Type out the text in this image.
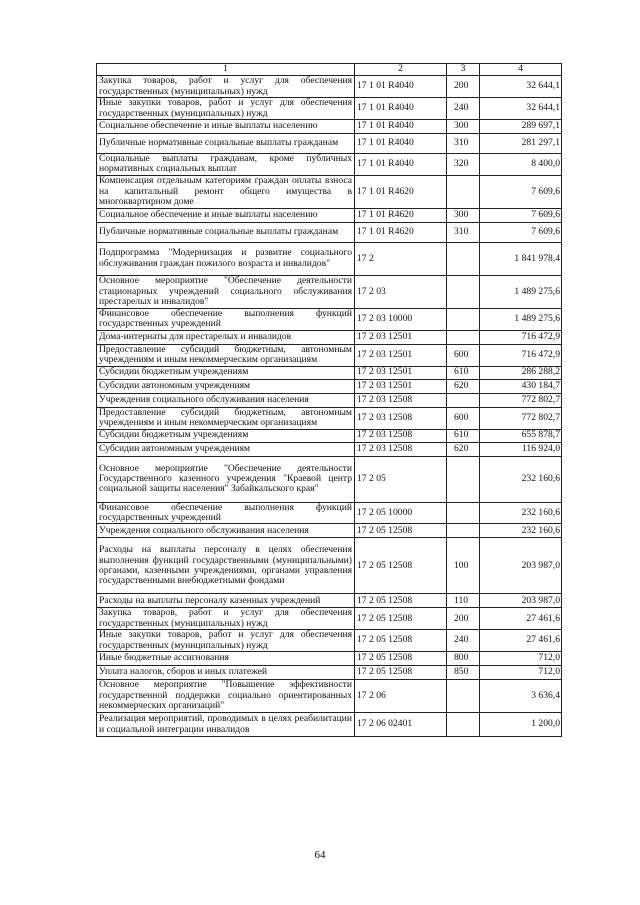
1	2	3	4
Закупка товаров, работ и услуг для обеспечения государственных (муниципальных) нужд	17 1 01 R4040	200	32 644,1
Иные закупки товаров, работ и услуг для обеспечения государственных (муниципальных) нужд	17 1 01 R4040	240	32 644,1
Социальное обеспечение и иные выплаты населению	17 1 01 R4040	300	289 697,1
Публичные нормативные социальные выплаты гражданам	17 1 01 R4040	310	281 297,1
Социальные выплаты гражданам, кроме публичных нормативных социальных выплат	17 1 01 R4040	320	8 400,0
Компенсация отдельным категориям граждан оплаты взноса на капитальный ремонт общего имущества в многоквартирном доме	17 1 01 R4620		7 609,6
Социальное обеспечение и иные выплаты населению	17 1 01 R4620	300	7 609,6
Публичные нормативные социальные выплаты гражданам	17 1 01 R4620	310	7 609,6
Подпрограмма "Модернизация и развитие социального обслуживания граждан пожилого возраста и инвалидов"	17 2		1 841 978,4
Основное мероприятие "Обеспечение деятельности стационарных учреждений социального обслуживания престарелых и инвалидов"	17 2 03		1 489 275,6
Финансовое обеспечение выполнения функций государственных учреждений	17 2 03 10000		1 489 275,6
Дома-интернаты для престарелых и инвалидов	17 2 03 12501		716 472,9
Предоставление субсидий бюджетным, автономным учреждениям и иным некоммерческим организациям	17 2 03 12501	600	716 472,9
Субсидии бюджетным учреждениям	17 2 03 12501	610	286 288,2
Субсидии автономным учреждениям	17 2 03 12501	620	430 184,7
Учреждения социального обслуживания населения	17 2 03 12508		772 802,7
Предоставление субсидий бюджетным, автономным учреждениям и иным некоммерческим организациям	17 2 03 12508	600	772 802,7
Субсидии бюджетным учреждениям	17 2 03 12508	610	655 878,7
Субсидии автономным учреждениям	17 2 03 12508	620	116 924,0
Основное мероприятие "Обеспечение деятельности Государственного казенного учреждения "Краевой центр социальной защиты населения" Забайкальского края"	17 2 05		232 160,6
Финансовое обеспечение выполнения функций государственных учреждений	17 2 05 10000		232 160,6
Учреждения социального обслуживания населения	17 2 05 12508		232 160,6
Расходы на выплаты персоналу в целях обеспечения выполнения функций государственными (муниципальными) органами, казенными учреждениями, органами управления государственными внебюджетными фондами	17 2 05 12508	100	203 987,0
Расходы на выплаты персоналу казенных учреждений	17 2 05 12508	110	203 987,0
Закупка товаров, работ и услуг для обеспечения государственных (муниципальных) нужд	17 2 05 12508	200	27 461,6
Иные закупки товаров, работ и услуг для обеспечения государственных (муниципальных) нужд	17 2 05 12508	240	27 461,6
Иные бюджетные ассигнования	17 2 05 12508	800	712,0
Уплата налогов, сборов и иных платежей	17 2 05 12508	850	712,0
Основное мероприятие "Повышение эффективности государственной поддержки социально ориентированных некоммерческих организаций"	17 2 06		3 636,4
Реализация мероприятий, проводимых в целях реабилитации и социальной интеграции инвалидов	17 2 06 02401		1 200,0
64
